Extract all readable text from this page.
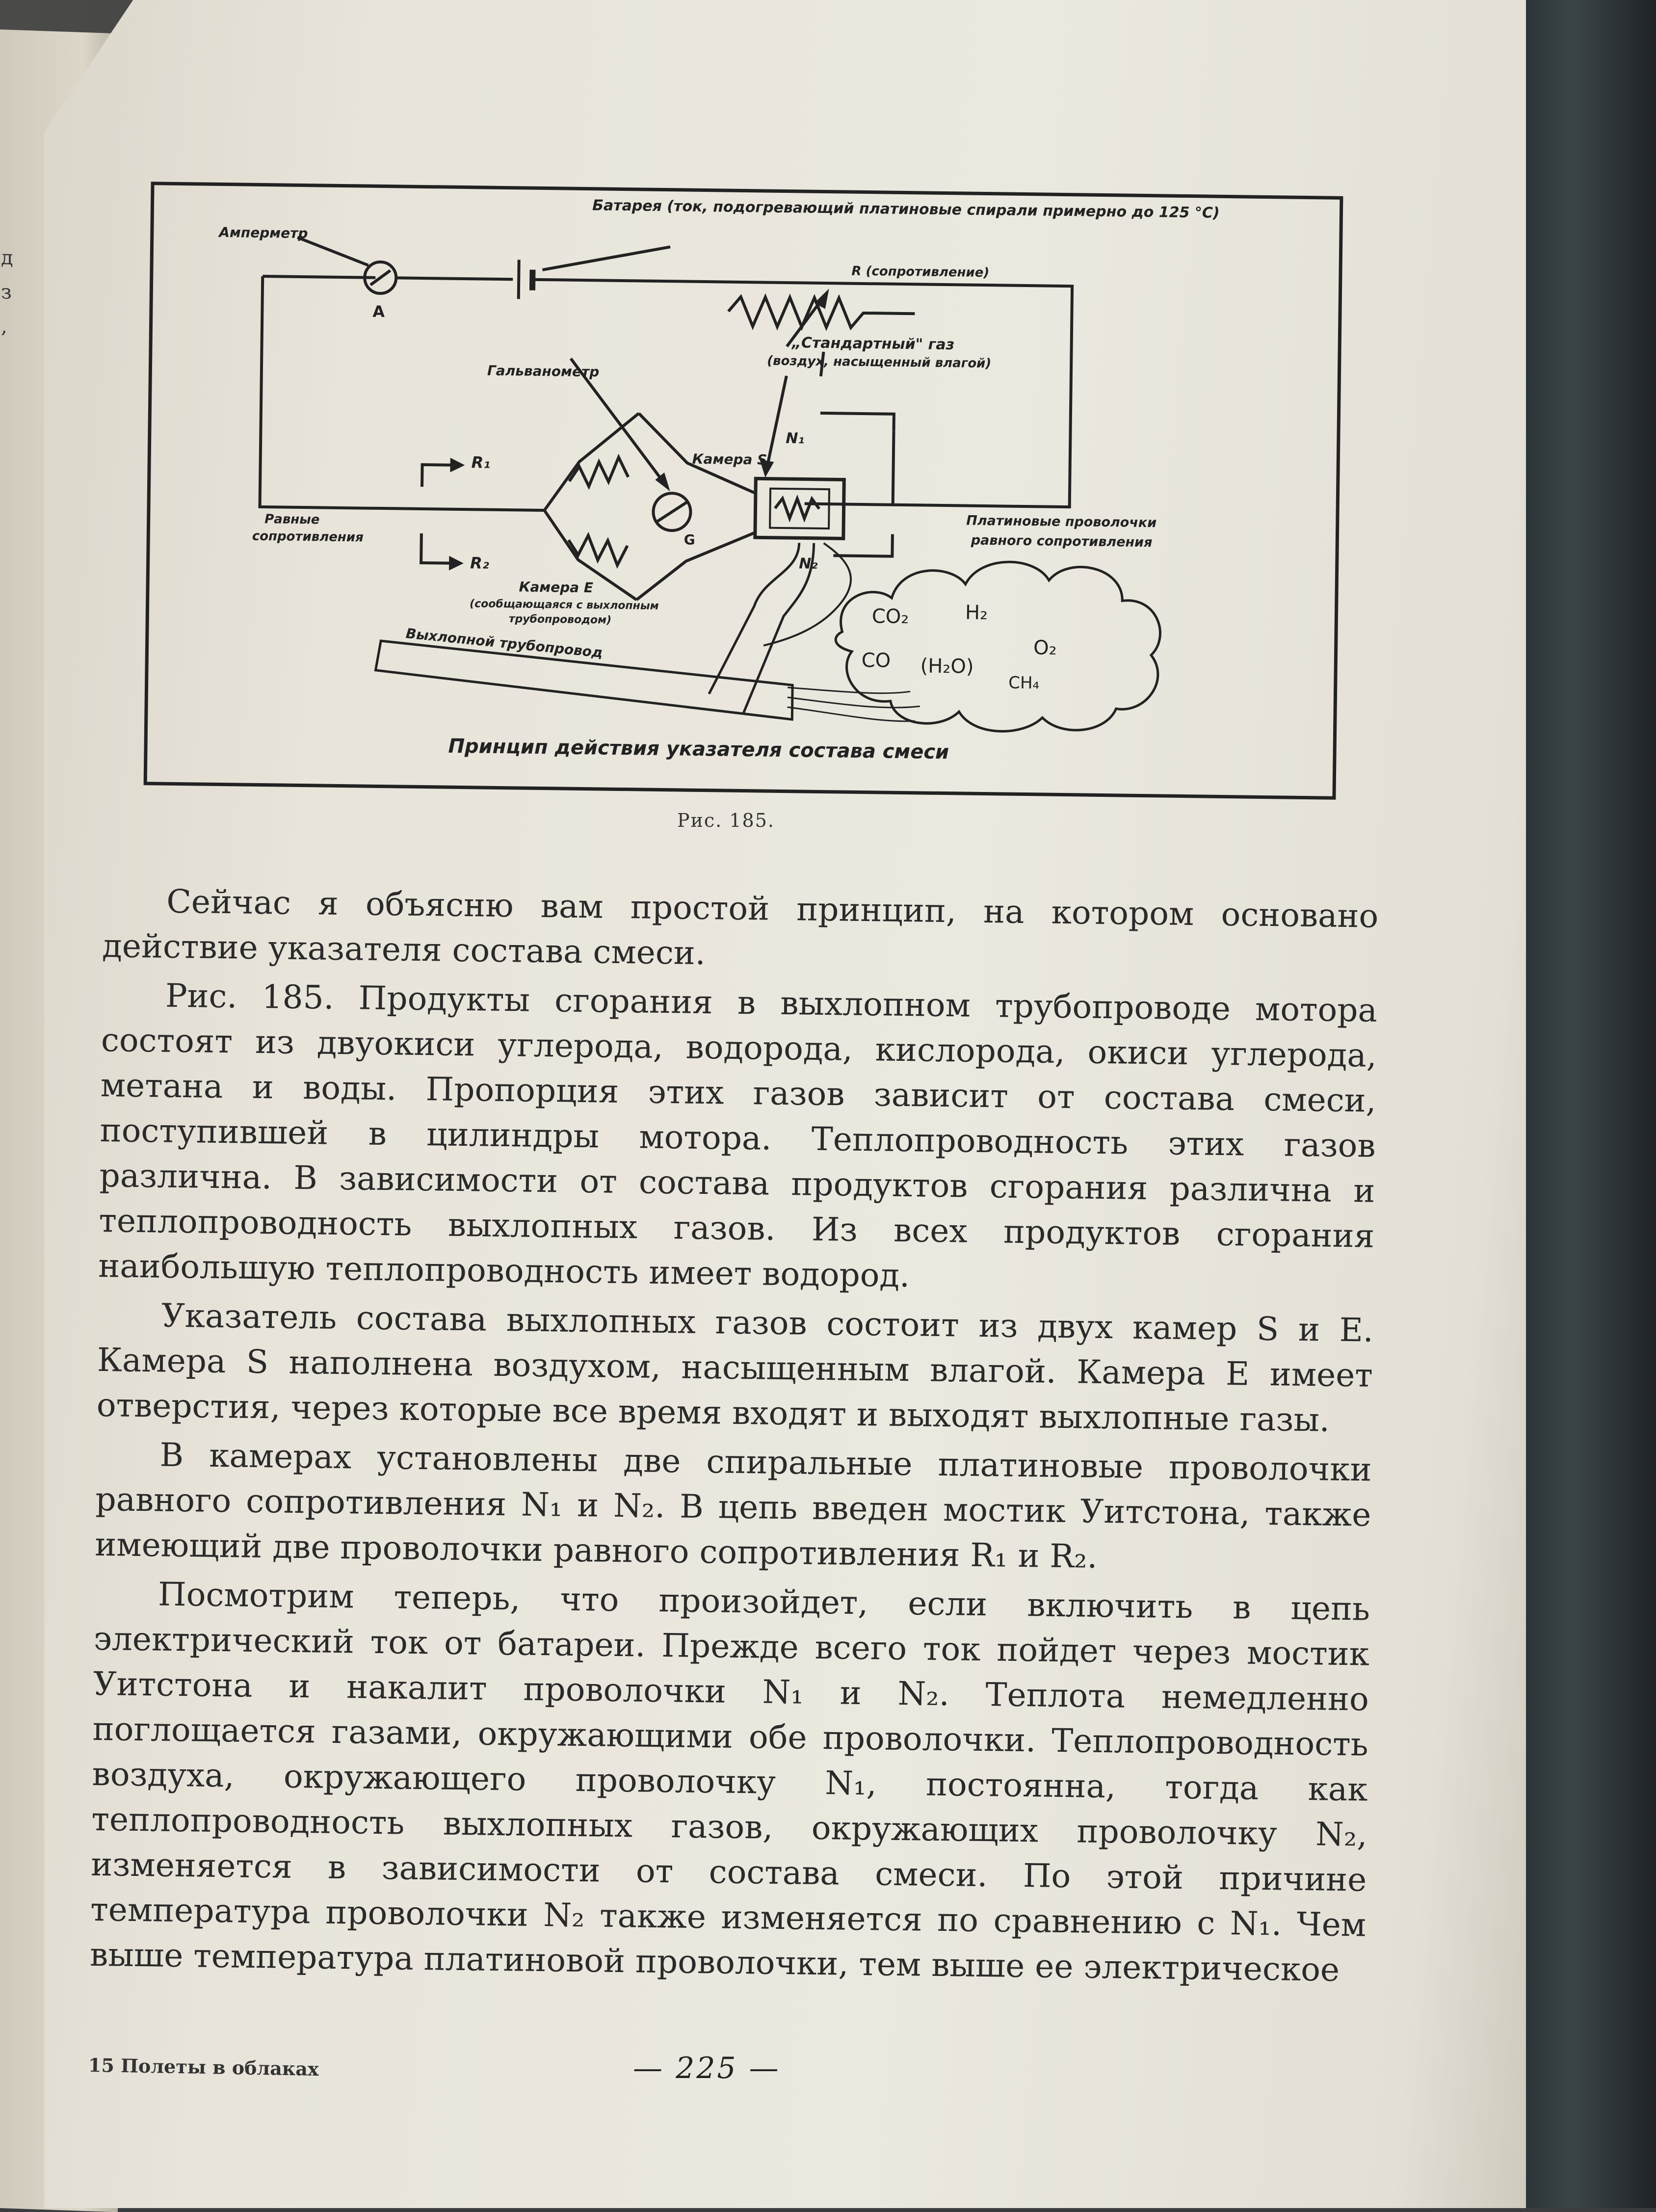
д
з
,
Амперметр
Батарея (ток, подогревающий платиновые спирали примерно до 125 °С)
A
R (сопротивление)
„Стандартный" газ
(воздух, насыщенный влагой)
Гальванометр
R₁
R₂
Камера S
N₁
N₂
Равные
сопротивления	G
Платиновые проволочки
равного сопротивления
Камера E
(сообщающаяся с выхлопным
трубопроводом)
Выхлопной трубопровод
CO₂	H₂
CO (H₂O)
O₂
CH₄
Принцип действия указателя состава смеси
Рис. 185.

Сейчас я объясню вам простой принцип, на котором основано действие указателя состава смеси.

Рис. 185. Продукты сгорания в выхлопном трубопроводе мотора состоят из двуокиси углерода, водорода, кислорода, окиси углерода, метана и воды. Пропорция этих газов зависит от состава смеси, поступившей в цилиндры мотора. Теплопроводность этих газов различна. В зависимости от состава продуктов сгорания различна и теплопроводность выхлопных газов. Из всех продуктов сгорания наибольшую теплопроводность имеет водород.

Указатель состава выхлопных газов состоит из двух камер S и E. Камера S наполнена воздухом, насыщенным влагой. Камера E имеет отверстия, через которые все время входят и выходят выхлопные газы.

В камерах установлены две спиральные платиновые проволочки равного сопротивления N₁ и N₂. В цепь введен мостик Уитстона, также имеющий две проволочки равного сопротивления R₁ и R₂.

Посмотрим теперь, что произойдет, если включить в цепь электрический ток от батареи. Прежде всего ток пойдет через мостик Уитстона и накалит проволочки N₁ и N₂. Теплота немедленно поглощается газами, окружающими обе проволочки. Теплопроводность воздуха, окружающего проволочку N₁, постоянна, тогда как теплопроводность выхлопных газов, окружающих проволочку N₂, изменяется в зависимости от состава смеси. По этой причине температура проволочки N₂ также изменяется по сравнению с N₁. Чем выше температура платиновой проволочки, тем выше ее электрическое

15 Полеты в облаках	— 225 —
